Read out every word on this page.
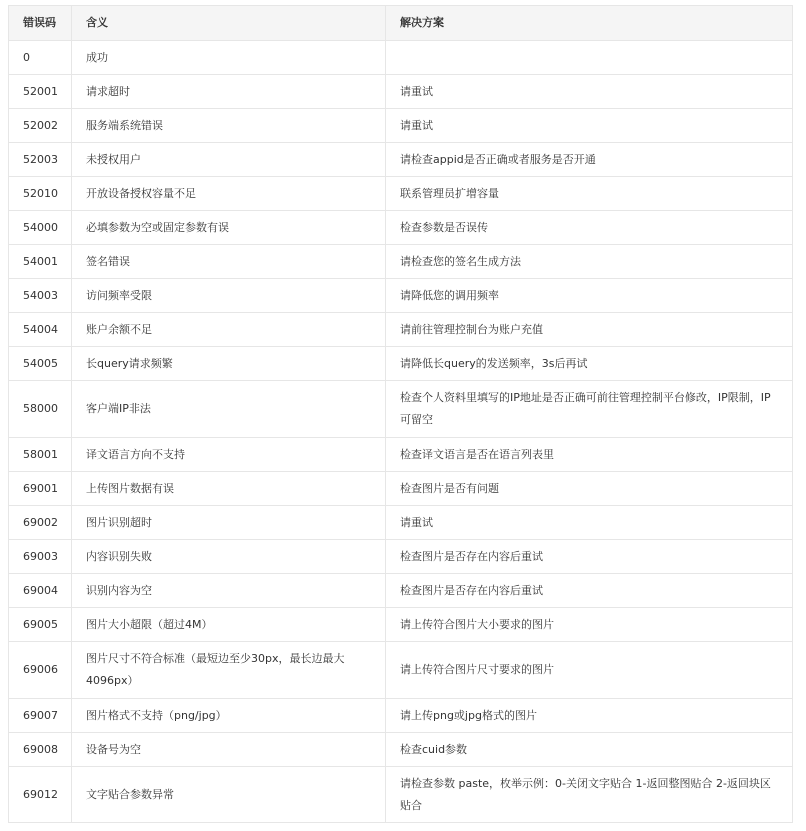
错误码	含义	解决方案
0	成功	
52001	请求超时	请重试
52002	服务端系统错误	请重试
52003	未授权用户	请检查appid是否正确或者服务是否开通
52010	开放设备授权容量不足	联系管理员扩增容量
54000	必填参数为空或固定参数有误	检查参数是否误传
54001	签名错误	请检查您的签名生成方法
54003	访问频率受限	请降低您的调用频率
54004	账户余额不足	请前往管理控制台为账户充值
54005	长query请求频繁	请降低长query的发送频率，3s后再试
58000	客户端IP非法	检查个人资料里填写的IP地址是否正确可前往管理控制平台修改，IP限制，IP可留空
58001	译文语言方向不支持	检查译文语言是否在语言列表里
69001	上传图片数据有误	检查图片是否有问题
69002	图片识别超时	请重试
69003	内容识别失败	检查图片是否存在内容后重试
69004	识别内容为空	检查图片是否存在内容后重试
69005	图片大小超限（超过4M）	请上传符合图片大小要求的图片
69006	图片尺寸不符合标准（最短边至少30px，最长边最大4096px）	请上传符合图片尺寸要求的图片
69007	图片格式不支持（png/jpg）	请上传png或jpg格式的图片
69008	设备号为空	检查cuid参数
69012	文字贴合参数异常	请检查参数 paste，枚举示例：0-关闭文字贴合 1-返回整图贴合 2-返回块区贴合
